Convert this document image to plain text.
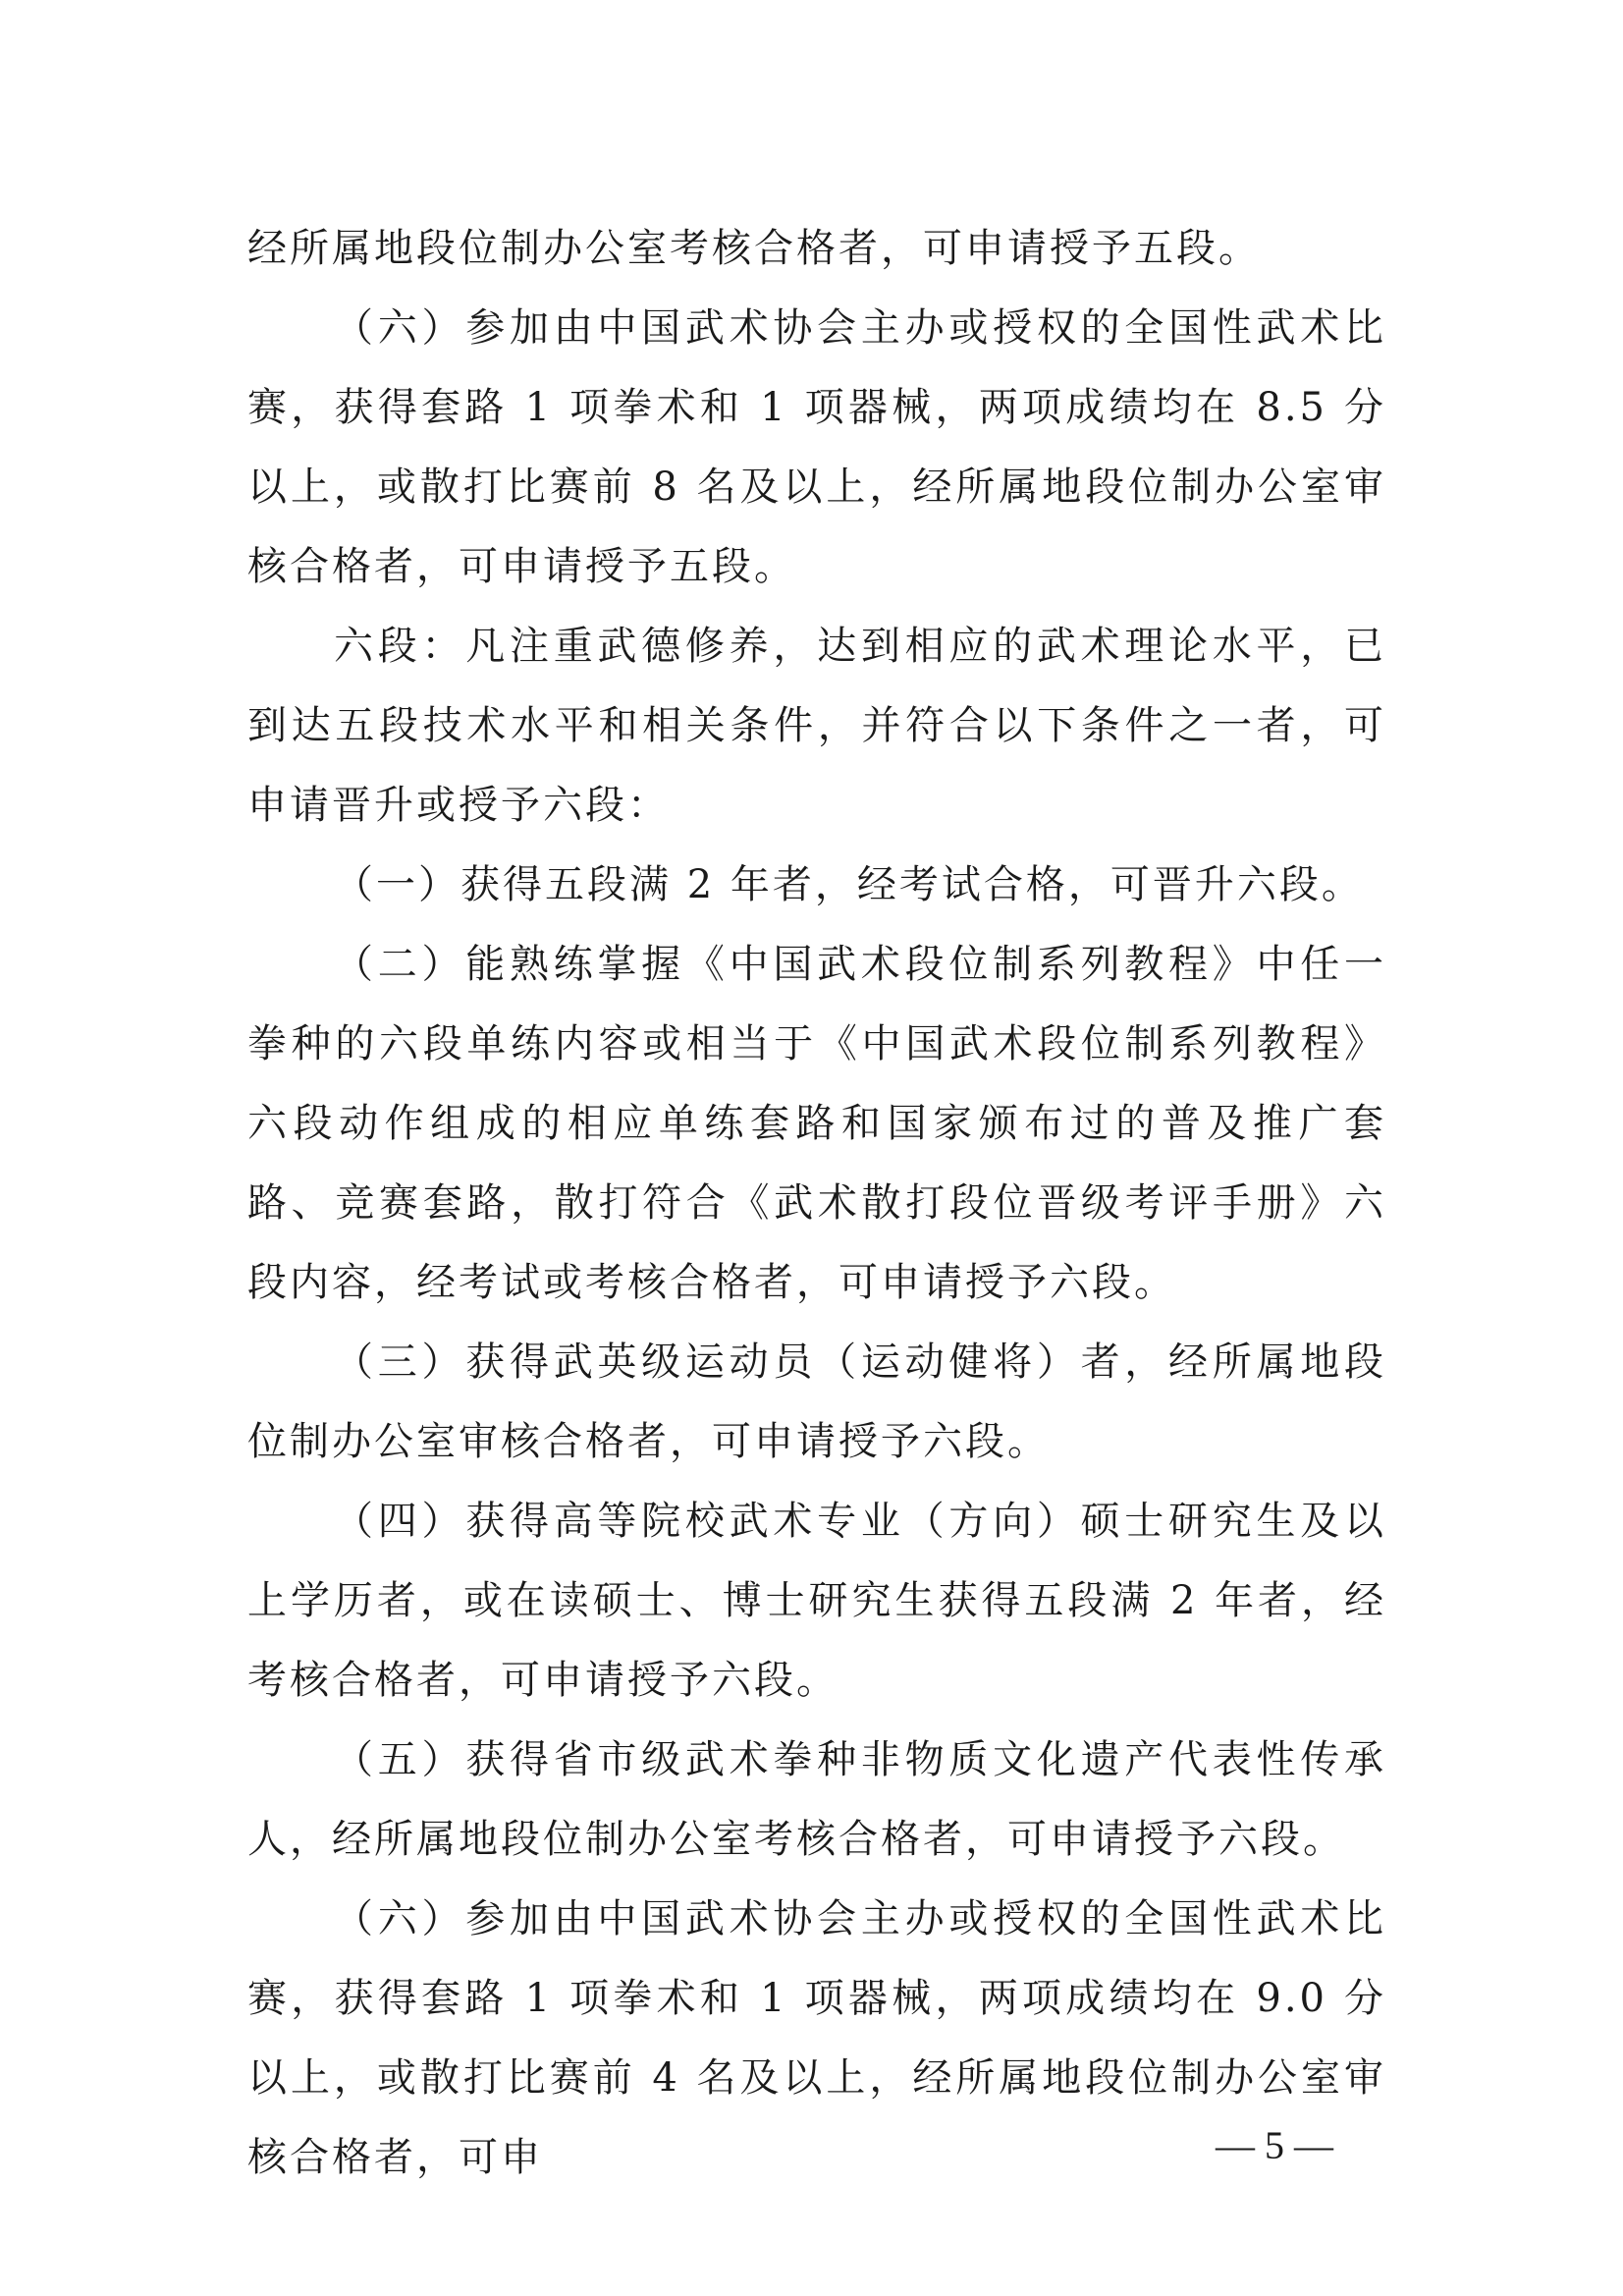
经所属地段位制办公室考核合格者，可申请授予五段。

（六）参加由中国武术协会主办或授权的全国性武术比赛，获得套路 1 项拳术和 1 项器械，两项成绩均在 8.5 分以上，或散打比赛前 8 名及以上，经所属地段位制办公室审核合格者，可申请授予五段。

六段：凡注重武德修养，达到相应的武术理论水平，已到达五段技术水平和相关条件，并符合以下条件之一者，可申请晋升或授予六段：

（一）获得五段满 2 年者，经考试合格，可晋升六段。

（二）能熟练掌握《中国武术段位制系列教程》中任一拳种的六段单练内容或相当于《中国武术段位制系列教程》六段动作组成的相应单练套路和国家颁布过的普及推广套路、竞赛套路，散打符合《武术散打段位晋级考评手册》六段内容，经考试或考核合格者，可申请授予六段。

（三）获得武英级运动员（运动健将）者，经所属地段位制办公室审核合格者，可申请授予六段。

（四）获得高等院校武术专业（方向）硕士研究生及以上学历者，或在读硕士、博士研究生获得五段满 2 年者，经考核合格者，可申请授予六段。

（五）获得省市级武术拳种非物质文化遗产代表性传承人，经所属地段位制办公室考核合格者，可申请授予六段。

（六）参加由中国武术协会主办或授权的全国性武术比赛，获得套路 1 项拳术和 1 项器械，两项成绩均在 9.0 分以上，或散打比赛前 4 名及以上，经所属地段位制办公室审核合格者，可申	— 5 —
